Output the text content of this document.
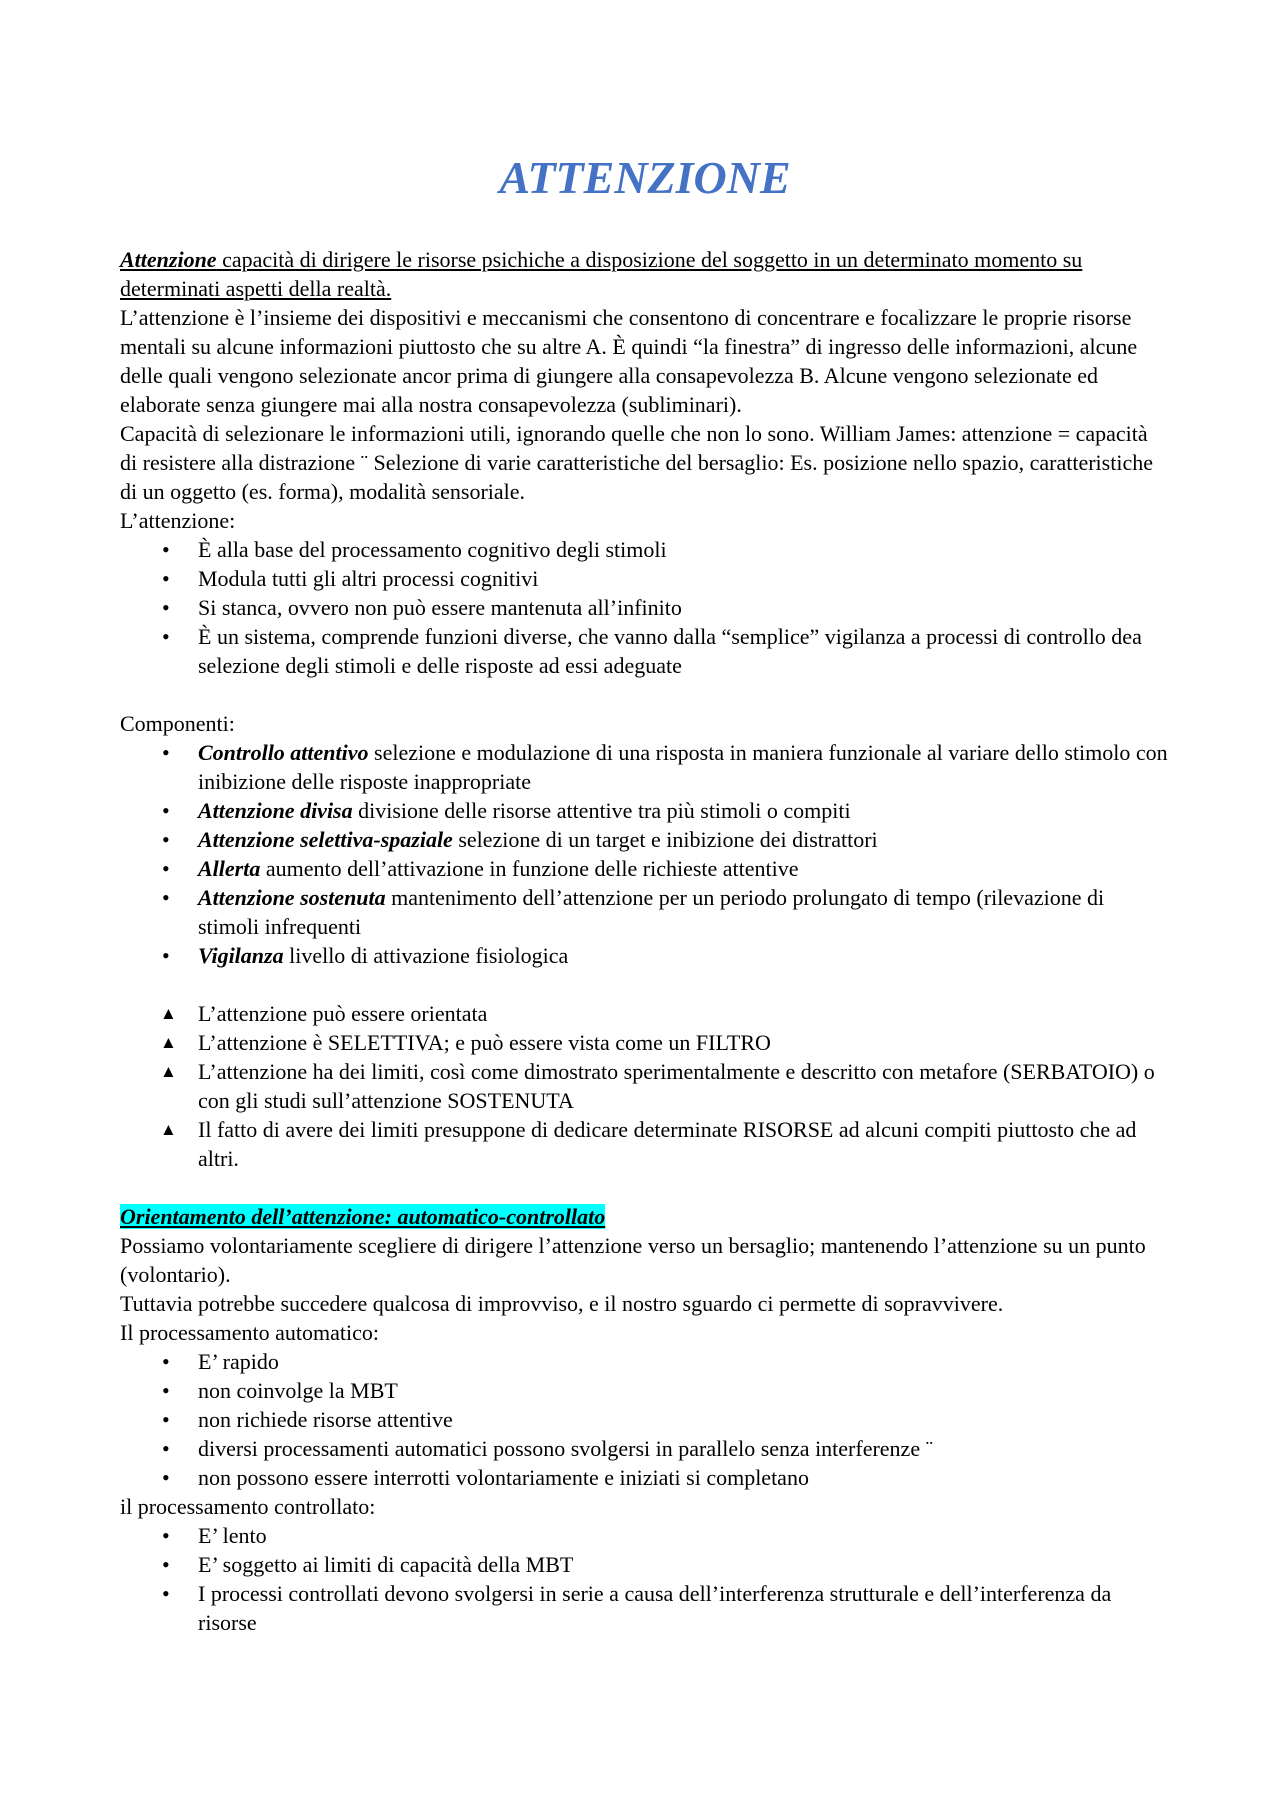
ATTENZIONE

Attenzione capacità di dirigere le risorse psichiche a disposizione del soggetto in un determinato momento su determinati aspetti della realtà.

L’attenzione è l’insieme dei dispositivi e meccanismi che consentono di concentrare e focalizzare le proprie risorse mentali su alcune informazioni piuttosto che su altre A. È quindi “la finestra” di ingresso delle informazioni, alcune delle quali vengono selezionate ancor prima di giungere alla consapevolezza B. Alcune vengono selezionate ed elaborate senza giungere mai alla nostra consapevolezza (subliminari).

Capacità di selezionare le informazioni utili, ignorando quelle che non lo sono. William James: attenzione = capacità di resistere alla distrazione ¨ Selezione di varie caratteristiche del bersaglio: Es. posizione nello spazio, caratteristiche di un oggetto (es. forma), modalità sensoriale.

L’attenzione:

• È alla base del processamento cognitivo degli stimoli
• Modula tutti gli altri processi cognitivi
• Si stanca, ovvero non può essere mantenuta all’infinito
• È un sistema, comprende funzioni diverse, che vanno dalla “semplice” vigilanza a processi di controllo dea selezione degli stimoli e delle risposte ad essi adeguate

Componenti:

• Controllo attentivo selezione e modulazione di una risposta in maniera funzionale al variare dello stimolo con inibizione delle risposte inappropriate
• Attenzione divisa divisione delle risorse attentive tra più stimoli o compiti
• Attenzione selettiva-spaziale selezione di un target e inibizione dei distrattori
• Allerta aumento dell’attivazione in funzione delle richieste attentive
• Attenzione sostenuta mantenimento dell’attenzione per un periodo prolungato di tempo (rilevazione di stimoli infrequenti
• Vigilanza livello di attivazione fisiologica
▲ L’attenzione può essere orientata
▲ L’attenzione è SELETTIVA; e può essere vista come un FILTRO
▲ L’attenzione ha dei limiti, così come dimostrato sperimentalmente e descritto con metafore (SERBATOIO) o con gli studi sull’attenzione SOSTENUTA
▲ Il fatto di avere dei limiti presuppone di dedicare determinate RISORSE ad alcuni compiti piuttosto che ad altri.

Orientamento dell’attenzione: automatico-controllato

Possiamo volontariamente scegliere di dirigere l’attenzione verso un bersaglio; mantenendo l’attenzione su un punto (volontario).

Tuttavia potrebbe succedere qualcosa di improvviso, e il nostro sguardo ci permette di sopravvivere.

Il processamento automatico:

• E’ rapido
• non coinvolge la MBT
• non richiede risorse attentive
• diversi processamenti automatici possono svolgersi in parallelo senza interferenze ¨
• non possono essere interrotti volontariamente e iniziati si completano

il processamento controllato:

• E’ lento
• E’ soggetto ai limiti di capacità della MBT
• I processi controllati devono svolgersi in serie a causa dell’interferenza strutturale e dell’interferenza da risorse
